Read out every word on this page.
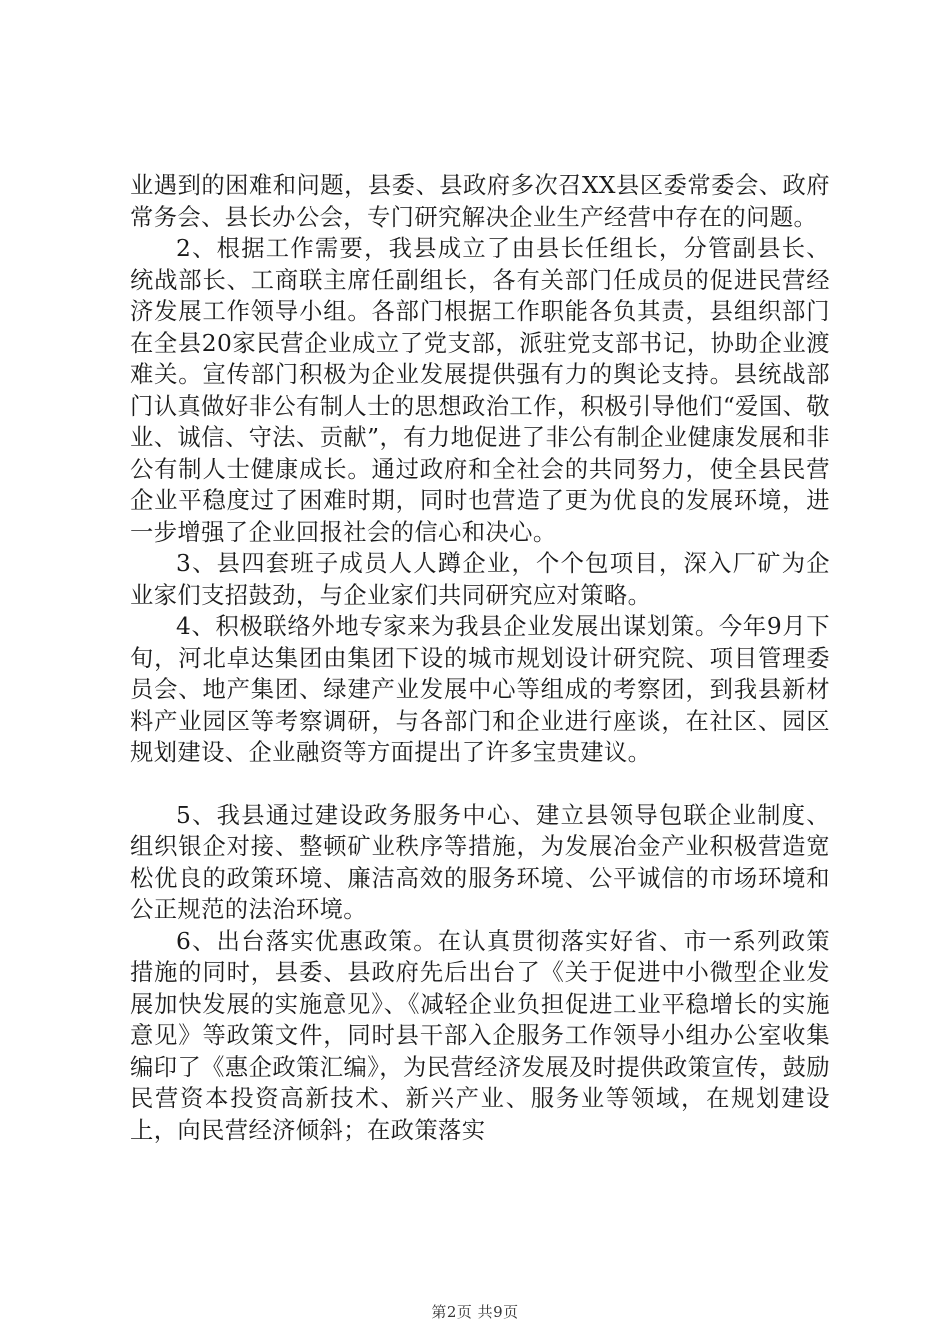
业遇到的困难和问题，县委、县政府多次召XX县区委常委会、政府常务会、县长办公会，专门研究解决企业生产经营中存在的问题。

2、根据工作需要，我县成立了由县长任组长，分管副县长、统战部长、工商联主席任副组长，各有关部门任成员的促进民营经济发展工作领导小组。各部门根据工作职能各负其责，县组织部门在全县20家民营企业成立了党支部，派驻党支部书记，协助企业渡难关。宣传部门积极为企业发展提供强有力的舆论支持。县统战部门认真做好非公有制人士的思想政治工作，积极引导他们“爱国、敬业、诚信、守法、贡献”，有力地促进了非公有制企业健康发展和非公有制人士健康成长。通过政府和全社会的共同努力，使全县民营企业平稳度过了困难时期，同时也营造了更为优良的发展环境，进一步增强了企业回报社会的信心和决心。

3、县四套班子成员人人蹲企业，个个包项目，深入厂矿为企业家们支招鼓劲，与企业家们共同研究应对策略。

4、积极联络外地专家来为我县企业发展出谋划策。今年9月下旬，河北卓达集团由集团下设的城市规划设计研究院、项目管理委员会、地产集团、绿建产业发展中心等组成的考察团，到我县新材料产业园区等考察调研，与各部门和企业进行座谈，在社区、园区规划建设、企业融资等方面提出了许多宝贵建议。

5、我县通过建设政务服务中心、建立县领导包联企业制度、组织银企对接、整顿矿业秩序等措施，为发展冶金产业积极营造宽松优良的政策环境、廉洁高效的服务环境、公平诚信的市场环境和公正规范的法治环境。

6、出台落实优惠政策。在认真贯彻落实好省、市一系列政策措施的同时，县委、县政府先后出台了《关于促进中小微型企业发展加快发展的实施意见》、《减轻企业负担促进工业平稳增长的实施意见》等政策文件，同时县干部入企服务工作领导小组办公室收集编印了《惠企政策汇编》，为民营经济发展及时提供政策宣传，鼓励民营资本投资高新技术、新兴产业、服务业等领域，在规划建设上，向民营经济倾斜；在政策落实

第2页 共9页
